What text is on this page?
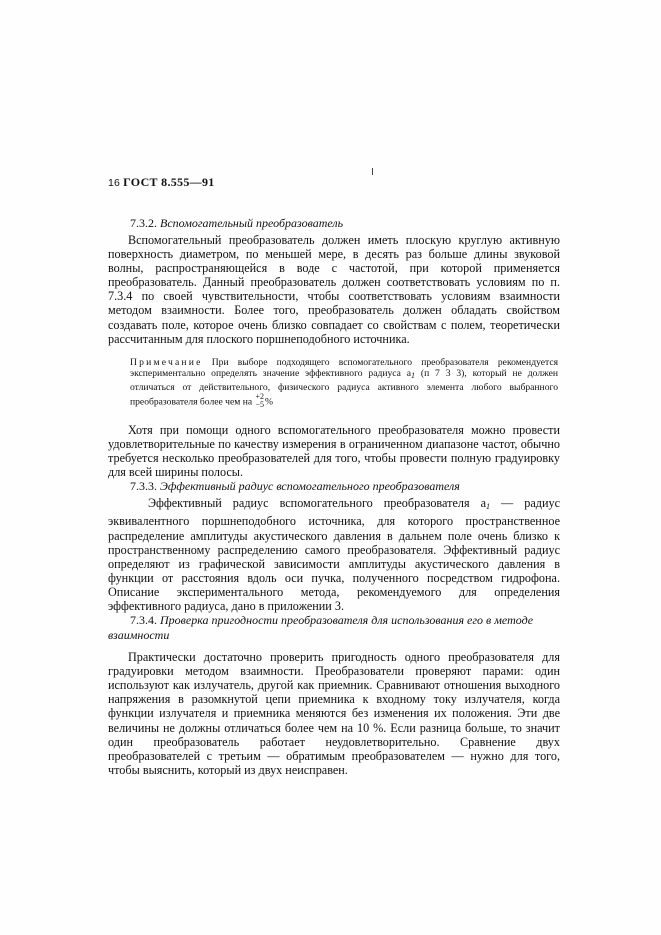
16 ГОСТ 8.555—91
7.3.2. Вспомогательный преобразователь

Вспомогательный преобразователь должен иметь плоскую круглую активную поверхность диаметром, по меньшей мере, в десять раз больше длины звуковой волны, распространяющейся в воде с частотой, при которой применяется преобразователь. Данный преобразователь должен соответствовать условиям по п. 7.3.4 по своей чувствительности, чтобы соответствовать условиям взаимности методом взаимности. Более того, преобразователь должен обладать свойством создавать поле, которое очень близко совпадает со свойствам с полем, теоретически рассчитанным для плоского поршнеподобного источника.

Примечание При выборе подходящего вспомогательного преобразователя рекомендуется экспериментально определять значение эффективного радиуса $a_1$ (п 7 3 3), который не должен отличаться от действительного, физического радиуса активного элемента любого выбранного преобразователя более чем на
+2
−5 %

Хотя при помощи одного вспомогательного преобразователя можно провести удовлетворительные по качеству измерения в ограниченном диапазоне частот, обычно требуется несколько преобразователей для того, чтобы провести полную градуировку для всей ширины полосы.

7.3.3. Эффективный радиус вспомогательного преобразователя

Эффективный радиус вспомогательного преобразователя $a_1$ — радиус эквивалентного поршнеподобного источника, для которого пространственное распределение амплитуды акустического давления в дальнем поле очень близко к пространственному распределению самого преобразователя. Эффективный радиус определяют из графической зависимости амплитуды акустического давления в функции от расстояния вдоль оси пучка, полученного посредством гидрофона. Описание экспериментального метода, рекомендуемого для определения эффективного радиуса, дано в приложении 3.

7.3.4. Проверка пригодности преобразователя для использования его в методе взаимности

Практически достаточно проверить пригодность одного преобразователя для градуировки методом взаимности. Преобразователи проверяют парами: один используют как излучатель, другой как приемник. Сравнивают отношения выходного напряжения в разомкнутой цепи приемника к входному току излучателя, когда функции излучателя и приемника меняются без изменения их положения. Эти две величины не должны отличаться более чем на 10 %. Если разница больше, то значит один преобразователь работает неудовлетворительно. Сравнение двух преобразователей с третьим — обратимым преобразователем — нужно для того, чтобы выяснить, который из двух неисправен.
